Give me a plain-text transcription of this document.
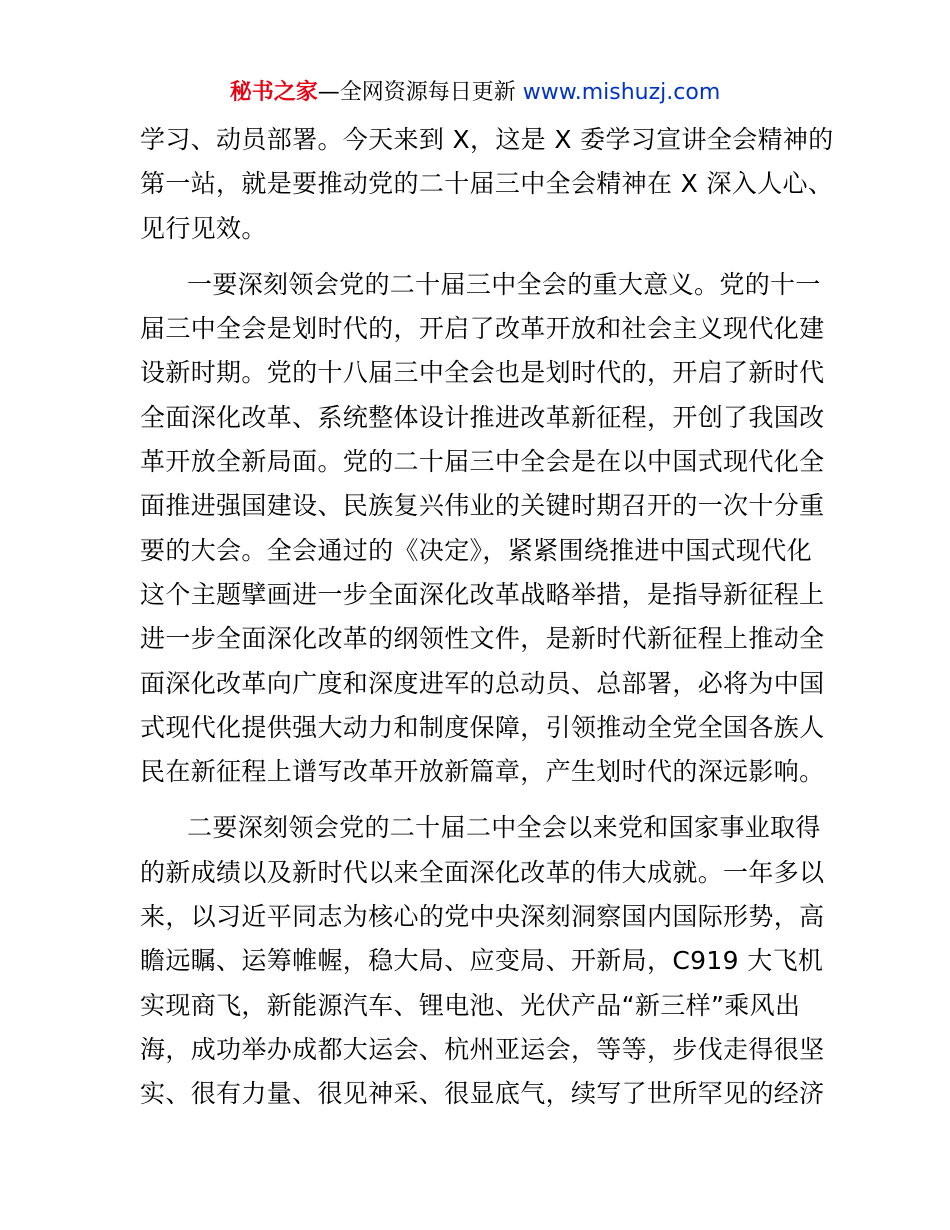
秘书之家—全网资源每日更新 www.mishuzj.com
学习、动员部署。今天来到 X，这是 X 委学习宣讲全会精神的
第一站，就是要推动党的二十届三中全会精神在 X 深入人心、
见行见效。
一要深刻领会党的二十届三中全会的重大意义。党的十一
届三中全会是划时代的，开启了改革开放和社会主义现代化建
设新时期。党的十八届三中全会也是划时代的，开启了新时代
全面深化改革、系统整体设计推进改革新征程，开创了我国改
革开放全新局面。党的二十届三中全会是在以中国式现代化全
面推进强国建设、民族复兴伟业的关键时期召开的一次十分重
要的大会。全会通过的《决定》，紧紧围绕推进中国式现代化
这个主题擘画进一步全面深化改革战略举措，是指导新征程上
进一步全面深化改革的纲领性文件，是新时代新征程上推动全
面深化改革向广度和深度进军的总动员、总部署，必将为中国
式现代化提供强大动力和制度保障，引领推动全党全国各族人
民在新征程上谱写改革开放新篇章，产生划时代的深远影响。
二要深刻领会党的二十届二中全会以来党和国家事业取得
的新成绩以及新时代以来全面深化改革的伟大成就。一年多以
来，以习近平同志为核心的党中央深刻洞察国内国际形势，高
瞻远瞩、运筹帷幄，稳大局、应变局、开新局，C919 大飞机
实现商飞，新能源汽车、锂电池、光伏产品“新三样”乘风出
海，成功举办成都大运会、杭州亚运会，等等，步伐走得很坚
实、很有力量、很见神采、很显底气，续写了世所罕见的经济
